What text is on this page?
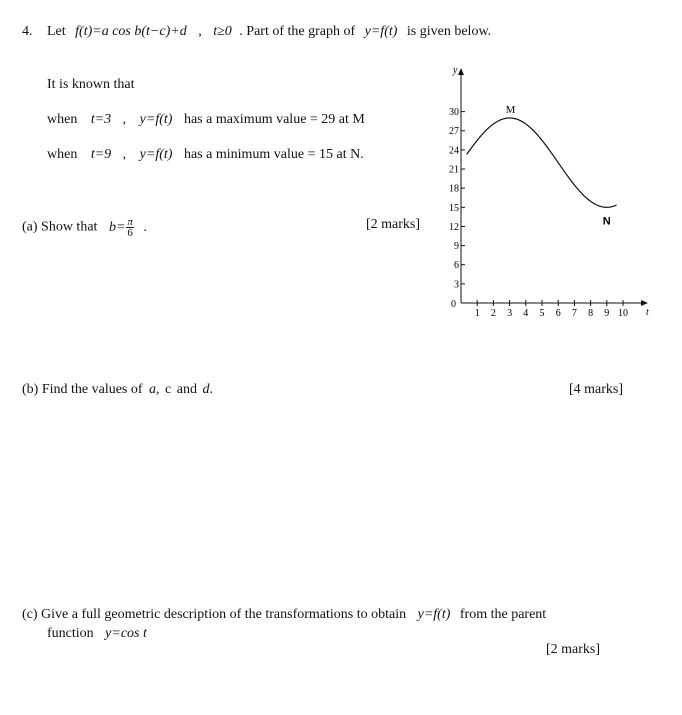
4. Let f(t)=a cos b(t−c)+d , t≥0 . Part of the graph of y=f(t) is given below.
It is known that
when t=3 , y=f(t) has a maximum value = 29 at M
when t=9 , y=f(t) has a minimum value = 15 at N.
(a) Show that $b= \frac{\pi}{6}$ .	[2 marks]
1 2 3 4 5 6 7 8 9 10
3
6
9
12
15
18
21
24
27
30
t
y
0
M
N
(b) Find the values of a, c and d.	[4 marks]
(c) Give a full geometric description of the transformations to obtain y=f(t) from the parent
function y=cos t
[2 marks]
